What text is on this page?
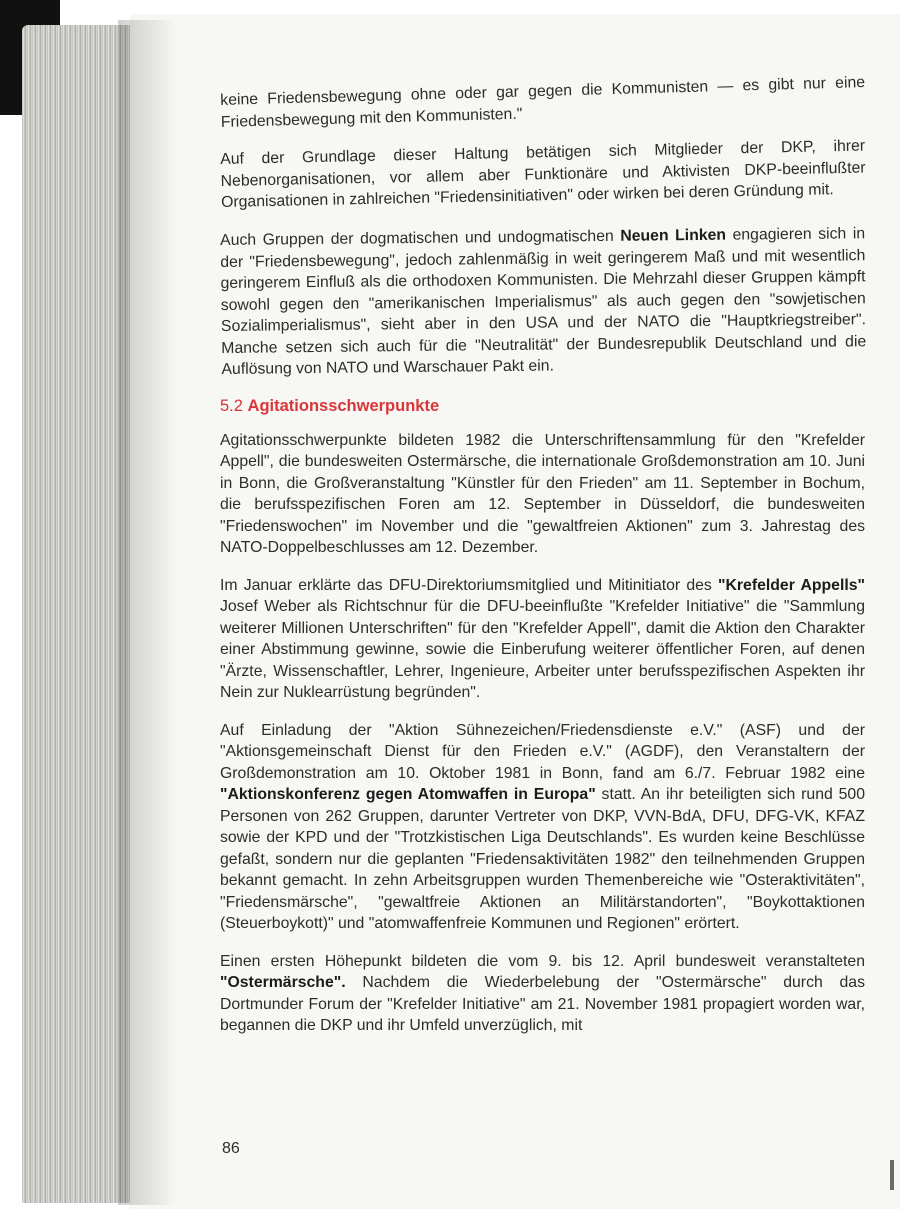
keine Friedensbewegung ohne oder gar gegen die Kommunisten — es gibt nur eine Friedensbewegung mit den Kommunisten."

Auf der Grundlage dieser Haltung betätigen sich Mitglieder der DKP, ihrer Nebenorganisationen, vor allem aber Funktionäre und Aktivisten DKP-beeinflußter Organisationen in zahlreichen "Friedensinitiativen" oder wirken bei deren Gründung mit.

Auch Gruppen der dogmatischen und undogmatischen Neuen Linken engagieren sich in der "Friedensbewegung", jedoch zahlenmäßig in weit geringerem Maß und mit wesentlich geringerem Einfluß als die orthodoxen Kommunisten. Die Mehrzahl dieser Gruppen kämpft sowohl gegen den "amerikanischen Imperialismus" als auch gegen den "sowjetischen Sozialimperialismus", sieht aber in den USA und der NATO die "Hauptkriegstreiber". Manche setzen sich auch für die "Neutralität" der Bundesrepublik Deutschland und die Auflösung von NATO und Warschauer Pakt ein.

5.2 Agitationsschwerpunkte

Agitationsschwerpunkte bildeten 1982 die Unterschriftensammlung für den "Krefelder Appell", die bundesweiten Ostermärsche, die internationale Großdemonstration am 10. Juni in Bonn, die Großveranstaltung "Künstler für den Frieden" am 11. September in Bochum, die berufsspezifischen Foren am 12. September in Düsseldorf, die bundesweiten "Friedenswochen" im November und die "gewaltfreien Aktionen" zum 3. Jahrestag des NATO-Doppelbeschlusses am 12. Dezember.

Im Januar erklärte das DFU-Direktoriumsmitglied und Mitinitiator des "Krefelder Appells" Josef Weber als Richtschnur für die DFU-beeinflußte "Krefelder Initiative" die "Sammlung weiterer Millionen Unterschriften" für den "Krefelder Appell", damit die Aktion den Charakter einer Abstimmung gewinne, sowie die Einberufung weiterer öffentlicher Foren, auf denen "Ärzte, Wissenschaftler, Lehrer, Ingenieure, Arbeiter unter berufsspezifischen Aspekten ihr Nein zur Nuklearrüstung begründen".

Auf Einladung der "Aktion Sühnezeichen/Friedensdienste e.V." (ASF) und der "Aktionsgemeinschaft Dienst für den Frieden e.V." (AGDF), den Veranstaltern der Großdemonstration am 10. Oktober 1981 in Bonn, fand am 6./7. Februar 1982 eine "Aktionskonferenz gegen Atomwaffen in Europa" statt. An ihr beteiligten sich rund 500 Personen von 262 Gruppen, darunter Vertreter von DKP, VVN-BdA, DFU, DFG-VK, KFAZ sowie der KPD und der "Trotzkistischen Liga Deutschlands". Es wurden keine Beschlüsse gefaßt, sondern nur die geplanten "Friedensaktivitäten 1982" den teilnehmenden Gruppen bekannt gemacht. In zehn Arbeitsgruppen wurden Themenbereiche wie "Osteraktivitäten", "Friedensmärsche", "gewaltfreie Aktionen an Militärstandorten", "Boykottaktionen (Steuerboykott)" und "atomwaffenfreie Kommunen und Regionen" erörtert.

Einen ersten Höhepunkt bildeten die vom 9. bis 12. April bundesweit veranstalteten "Ostermärsche". Nachdem die Wiederbelebung der "Ostermärsche" durch das Dortmunder Forum der "Krefelder Initiative" am 21. November 1981 propagiert worden war, begannen die DKP und ihr Umfeld unverzüglich, mit

86
